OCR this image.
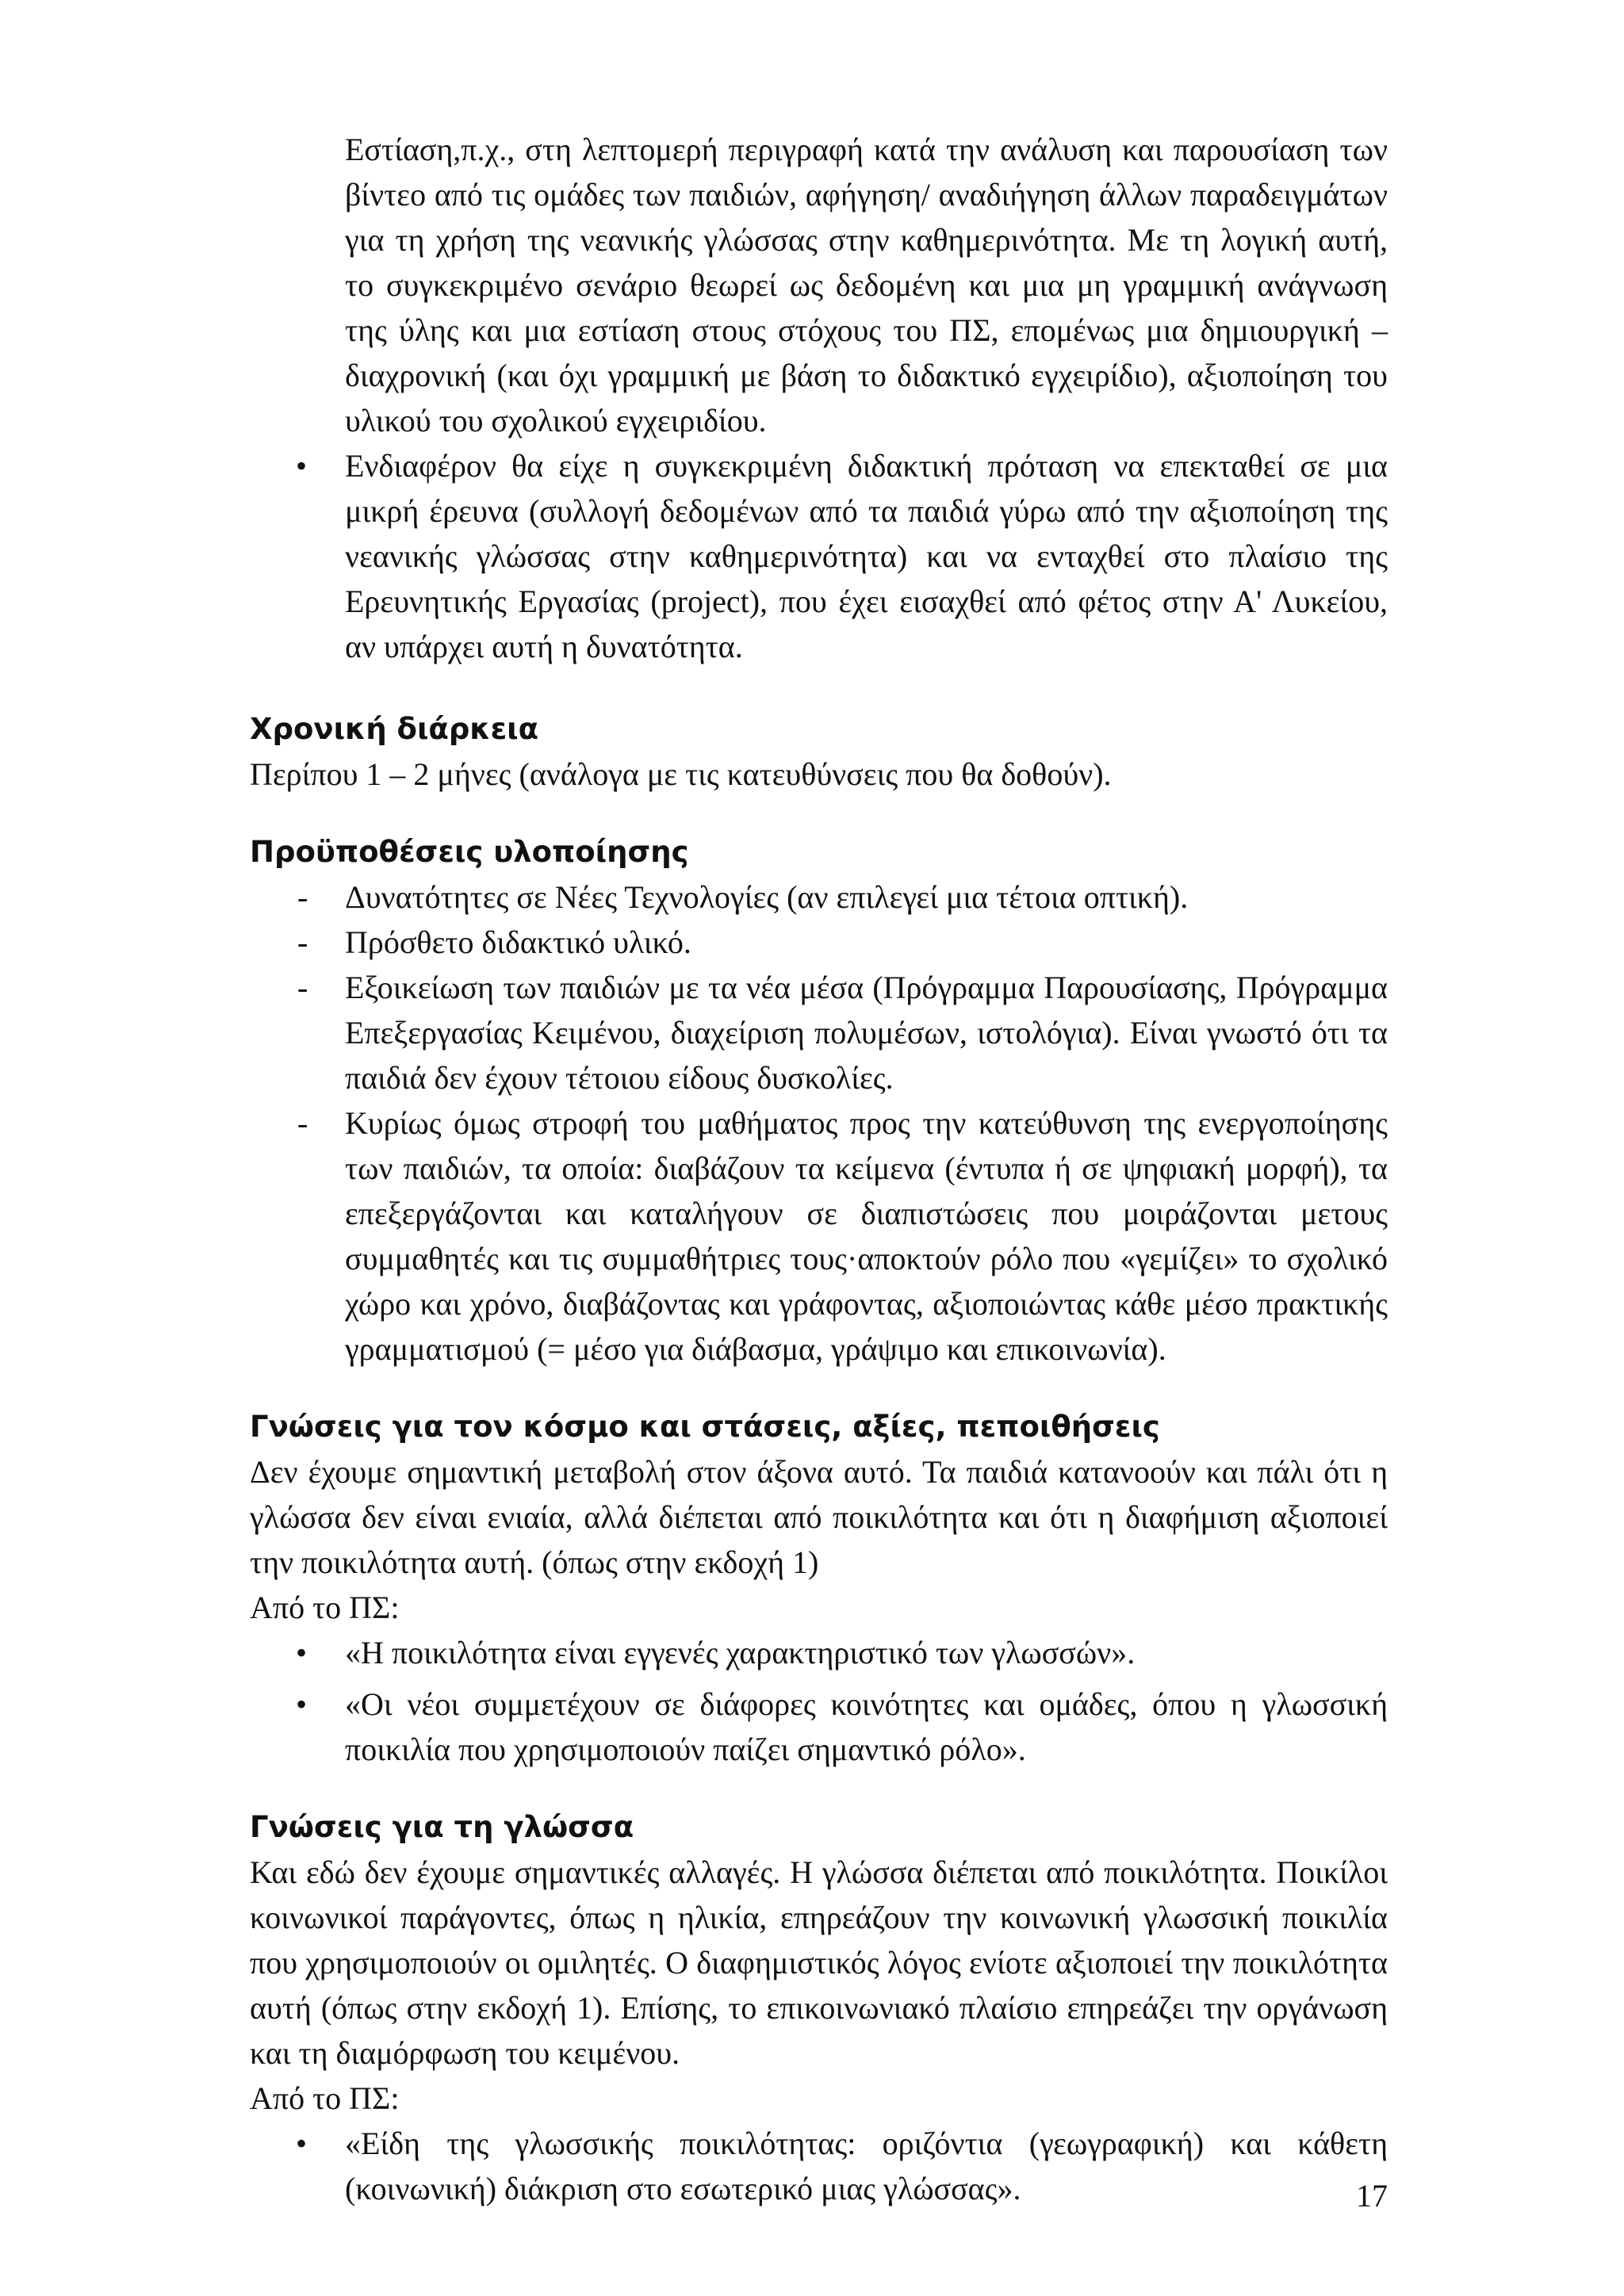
Εστίαση,π.χ., στη λεπτομερή περιγραφή κατά την ανάλυση και παρουσίαση των βίντεο από τις ομάδες των παιδιών, αφήγηση/ αναδιήγηση άλλων παραδειγμάτων για τη χρήση της νεανικής γλώσσας στην καθημερινότητα. Με τη λογική αυτή, το συγκεκριμένο σενάριο θεωρεί ως δεδομένη και μια μη γραμμική ανάγνωση της ύλης και μια εστίαση στους στόχους του ΠΣ, επομένως μια δημιουργική – διαχρονική (και όχι γραμμική με βάση το διδακτικό εγχειρίδιο), αξιοποίηση του υλικού του σχολικού εγχειριδίου.

• Ενδιαφέρον θα είχε η συγκεκριμένη διδακτική πρόταση να επεκταθεί σε μια μικρή έρευνα (συλλογή δεδομένων από τα παιδιά γύρω από την αξιοποίηση της νεανικής γλώσσας στην καθημερινότητα) και να ενταχθεί στο πλαίσιο της Ερευνητικής Εργασίας (project), που έχει εισαχθεί από φέτος στην Α' Λυκείου, αν υπάρχει αυτή η δυνατότητα.
Χρονική διάρκεια

Περίπου 1 – 2 μήνες (ανάλογα με τις κατευθύνσεις που θα δοθούν).

Προϋποθέσεις υλοποίησης
- Δυνατότητες σε Νέες Τεχνολογίες (αν επιλεγεί μια τέτοια οπτική).
- Πρόσθετο διδακτικό υλικό.
- Εξοικείωση των παιδιών με τα νέα μέσα (Πρόγραμμα Παρουσίασης, Πρόγραμμα Επεξεργασίας Κειμένου, διαχείριση πολυμέσων, ιστολόγια). Είναι γνωστό ότι τα παιδιά δεν έχουν τέτοιου είδους δυσκολίες.
- Κυρίως όμως στροφή του μαθήματος προς την κατεύθυνση της ενεργοποίησης των παιδιών, τα οποία: διαβάζουν τα κείμενα (έντυπα ή σε ψηφιακή μορφή), τα επεξεργάζονται και καταλήγουν σε διαπιστώσεις που μοιράζονται μετους συμμαθητές και τις συμμαθήτριες τους·αποκτούν ρόλο που «γεμίζει» το σχολικό χώρο και χρόνο, διαβάζοντας και γράφοντας, αξιοποιώντας κάθε μέσο πρακτικής γραμματισμού (= μέσο για διάβασμα, γράψιμο και επικοινωνία).
Γνώσεις για τον κόσμο και στάσεις, αξίες, πεποιθήσεις

Δεν έχουμε σημαντική μεταβολή στον άξονα αυτό. Τα παιδιά κατανοούν και πάλι ότι η γλώσσα δεν είναι ενιαία, αλλά διέπεται από ποικιλότητα και ότι η διαφήμιση αξιοποιεί την ποικιλότητα αυτή. (όπως στην εκδοχή 1)

Από το ΠΣ:

• «Η ποικιλότητα είναι εγγενές χαρακτηριστικό των γλωσσών».
• «Οι νέοι συμμετέχουν σε διάφορες κοινότητες και ομάδες, όπου η γλωσσική ποικιλία που χρησιμοποιούν παίζει σημαντικό ρόλο».
Γνώσεις για τη γλώσσα

Και εδώ δεν έχουμε σημαντικές αλλαγές. Η γλώσσα διέπεται από ποικιλότητα. Ποικίλοι κοινωνικοί παράγοντες, όπως η ηλικία, επηρεάζουν την κοινωνική γλωσσική ποικιλία που χρησιμοποιούν οι ομιλητές. Ο διαφημιστικός λόγος ενίοτε αξιοποιεί την ποικιλότητα αυτή (όπως στην εκδοχή 1). Επίσης, το επικοινωνιακό πλαίσιο επηρεάζει την οργάνωση και τη διαμόρφωση του κειμένου.

Από το ΠΣ:

• «Είδη της γλωσσικής ποικιλότητας: οριζόντια (γεωγραφική) και κάθετη (κοινωνική) διάκριση στο εσωτερικό μιας γλώσσας».	17
